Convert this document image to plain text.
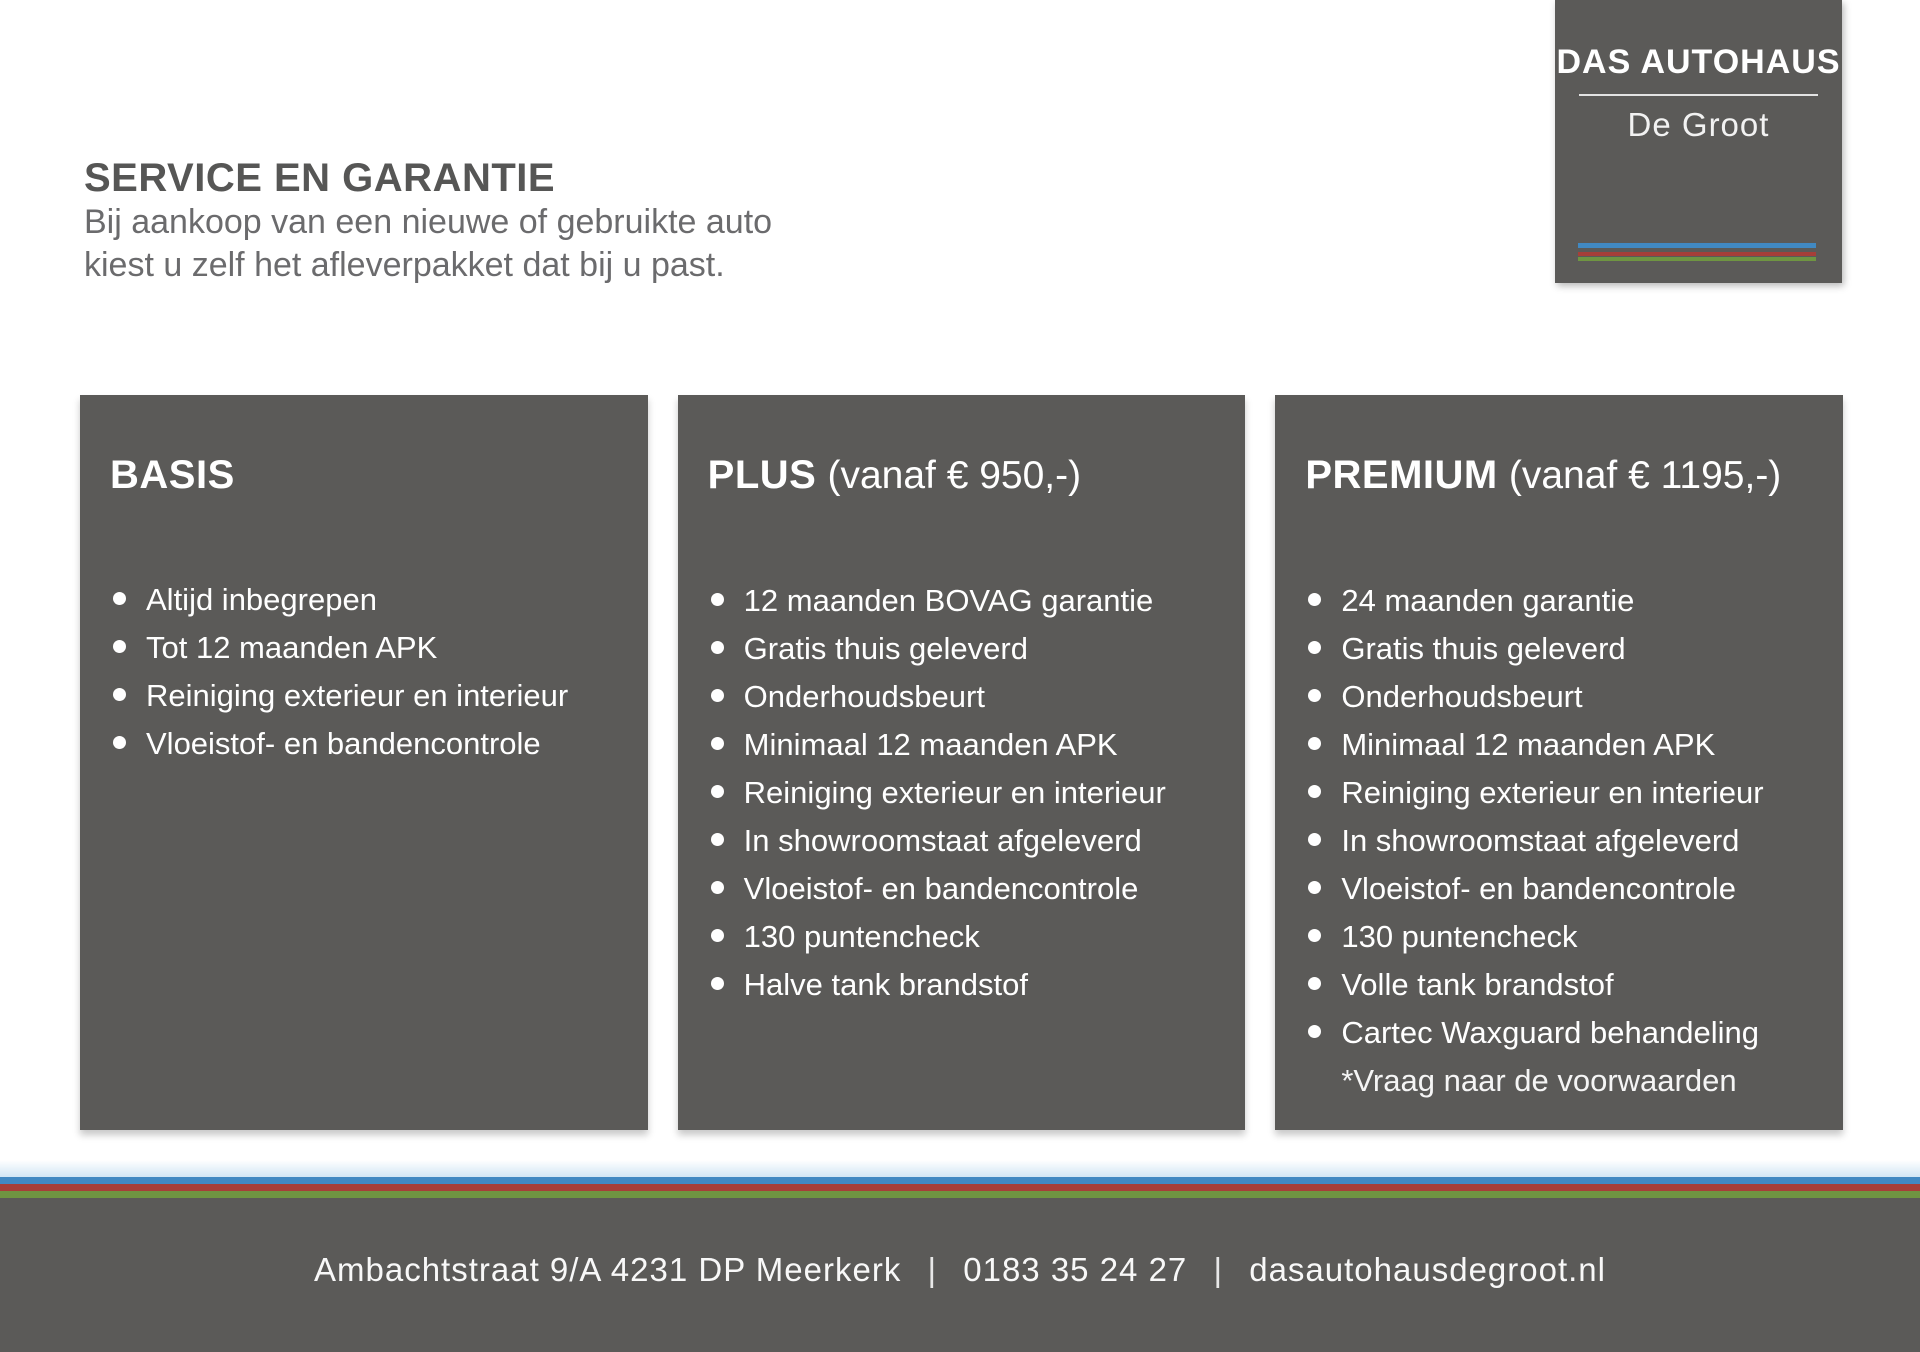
DAS AUTOHAUS
De Groot
SERVICE EN GARANTIE
Bij aankoop van een nieuwe of gebruikte auto
kiest u zelf het afleverpakket dat bij u past.
BASIS
Altijd inbegrepen
Tot 12 maanden APK
Reiniging exterieur en interieur
Vloeistof- en bandencontrole
PLUS (vanaf € 950,-)
12 maanden BOVAG garantie
Gratis thuis geleverd
Onderhoudsbeurt
Minimaal 12 maanden APK
Reiniging exterieur en interieur
In showroomstaat afgeleverd
Vloeistof- en bandencontrole
130 puntencheck
Halve tank brandstof
PREMIUM (vanaf € 1195,-)
24 maanden garantie
Gratis thuis geleverd
Onderhoudsbeurt
Minimaal 12 maanden APK
Reiniging exterieur en interieur
In showroomstaat afgeleverd
Vloeistof- en bandencontrole
130 puntencheck
Volle tank brandstof
Cartec Waxguard behandeling
*Vraag naar de voorwaarden
Ambachtstraat 9/A 4231 DP Meerkerk | 0183 35 24 27 | dasautohausdegroot.nl
